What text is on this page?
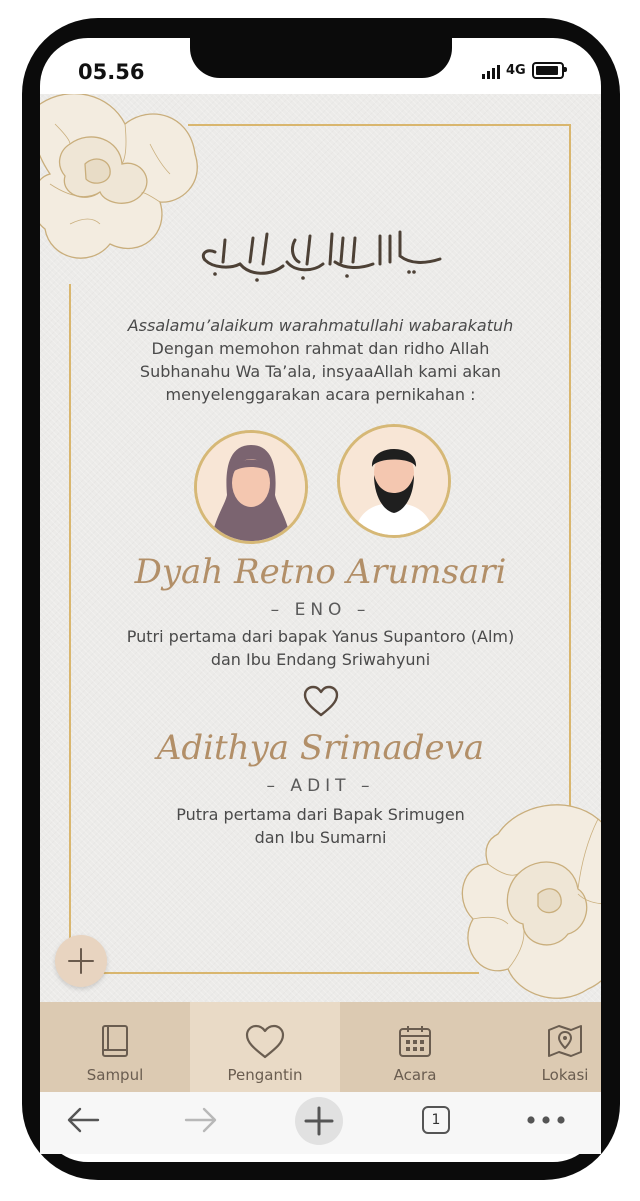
05.56	4G
Assalamu’alaikum warahmatullahi wabarakatuh
Dengan memohon rahmat dan ridho Allah
Subhanahu Wa Ta’ala, insyaaAllah kami akan
menyelenggarakan acara pernikahan :
Dyah Retno Arumsari
– ENO –
Putri pertama dari bapak Yanus Supantoro (Alm)
dan Ibu Endang Sriwahyuni
Adithya Srimadeva
– ADIT –
Putra pertama dari Bapak Srimugen
dan Ibu Sumarni
Sampul	Pengantin	Acara	Lokasi
1
